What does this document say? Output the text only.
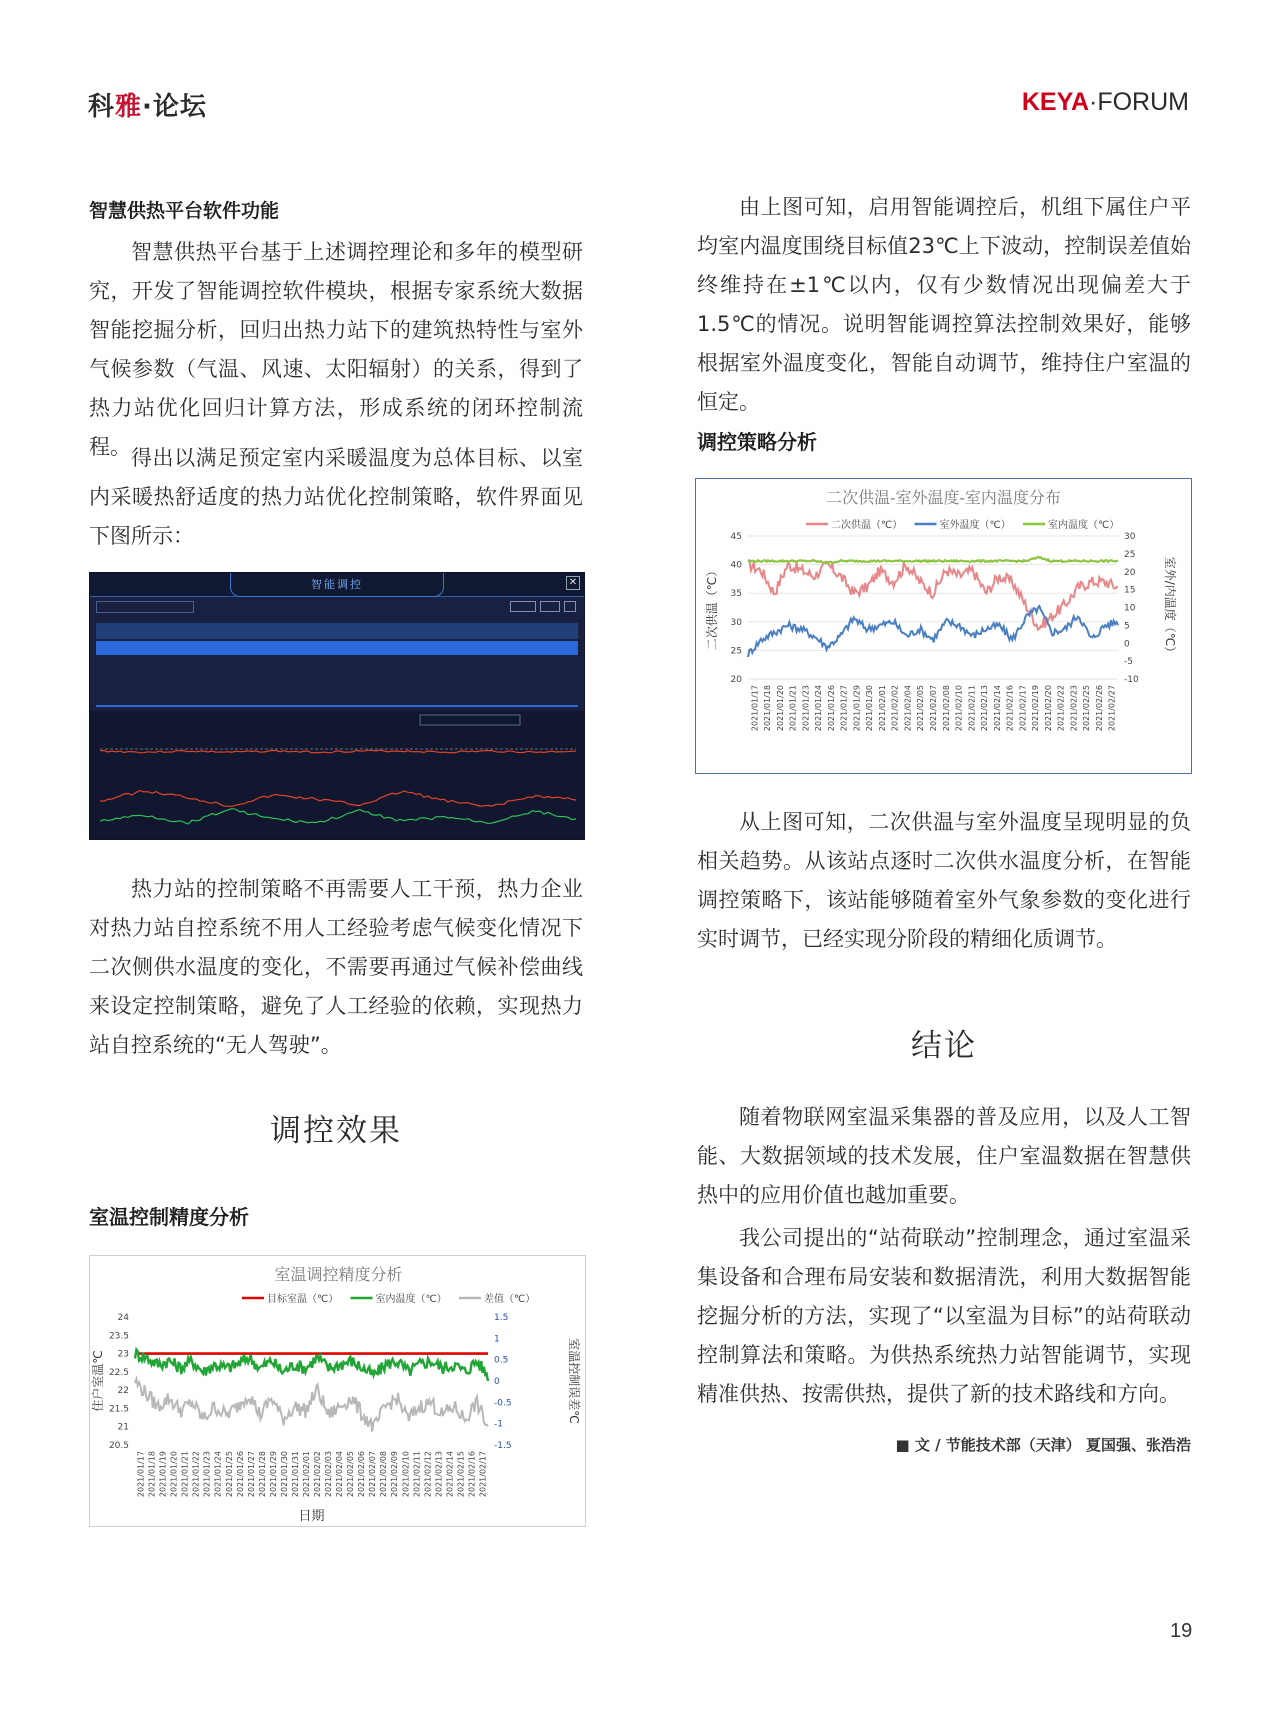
科雅·论坛	KEYA·FORUM
智慧供热平台软件功能

智慧供热平台基于上述调控理论和多年的模型研究，开发了智能调控软件模块，根据专家系统大数据智能挖掘分析，回归出热力站下的建筑热特性与室外气候参数（气温、风速、太阳辐射）的关系，得到了热力站优化回归计算方法，形成系统的闭环控制流程。 得出以满足预定室内采暖温度为总体目标、以室内采暖热舒适度的热力站优化控制策略，软件界面见下图所示：

智能调控	✕

热力站的控制策略不再需要人工干预，热力企业对热力站自控系统不用人工经验考虑气候变化情况下二次侧供水温度的变化，不需要再通过气候补偿曲线来设定控制策略，避免了人工经验的依赖，实现热力站自控系统的“无人驾驶”。

调控效果
室温控制精度分析
室温调控精度分析
目标室温（℃）	室内温度（℃）	差值（℃）
24
23.5
23
22.5
22
21.5
21
20.5
1.5
1
0.5
0
-0.5
-1
-1.5
住户室温℃	室温控制误差℃
日期
2021/01/17 2021/01/18 2021/01/19 2021/01/20 2021/01/21 2021/01/22 2021/01/23 2021/01/24 2021/01/25 2021/01/26 2021/01/27 2021/01/28 2021/01/29 2021/01/30 2021/01/31 2021/02/01 2021/02/02 2021/02/03 2021/02/04 2021/02/05 2021/02/06 2021/02/07 2021/02/08 2021/02/09 2021/02/10 2021/02/11 2021/02/12 2021/02/13 2021/02/14 2021/02/15 2021/02/16 2021/02/17

由上图可知，启用智能调控后，机组下属住户平均室内温度围绕目标值23℃上下波动，控制误差值始终维持在±1℃以内，仅有少数情况出现偏差大于1.5℃的情况。说明智能调控算法控制效果好，能够根据室外温度变化，智能自动调节，维持住户室温的恒定。

调控策略分析
二次供温-室外温度-室内温度分布
二次供温（℃）	室外温度（℃）	室内温度（℃）
45
40
35
30
25
20
30
25
20
15
10
5
0
-5
-10
二次供温（℃）	室外/内温度（℃）
2021/01/17 2021/01/18 2021/01/20 2021/01/21 2021/01/23 2021/01/24 2021/01/26 2021/01/27 2021/01/29 2021/01/30 2021/02/01 2021/02/02 2021/02/04 2021/02/05 2021/02/07 2021/02/08 2021/02/10 2021/02/11 2021/02/13 2021/02/14 2021/02/16 2021/02/17 2021/02/19 2021/02/20 2021/02/22 2021/02/23 2021/02/25 2021/02/26 2021/02/27

从上图可知，二次供温与室外温度呈现明显的负相关趋势。从该站点逐时二次供水温度分析，在智能调控策略下，该站能够随着室外气象参数的变化进行实时调节，已经实现分阶段的精细化质调节。

结论

随着物联网室温采集器的普及应用，以及人工智能、大数据领域的技术发展，住户室温数据在智慧供热中的应用价值也越加重要。

我公司提出的“站荷联动”控制理念，通过室温采集设备和合理布局安装和数据清洗，利用大数据智能挖掘分析的方法，实现了“以室温为目标”的站荷联动控制算法和策略。为供热系统热力站智能调节，实现精准供热、按需供热，提供了新的技术路线和方向。

■ 文 / 节能技术部（天津） 夏国强、张浩浩
19
